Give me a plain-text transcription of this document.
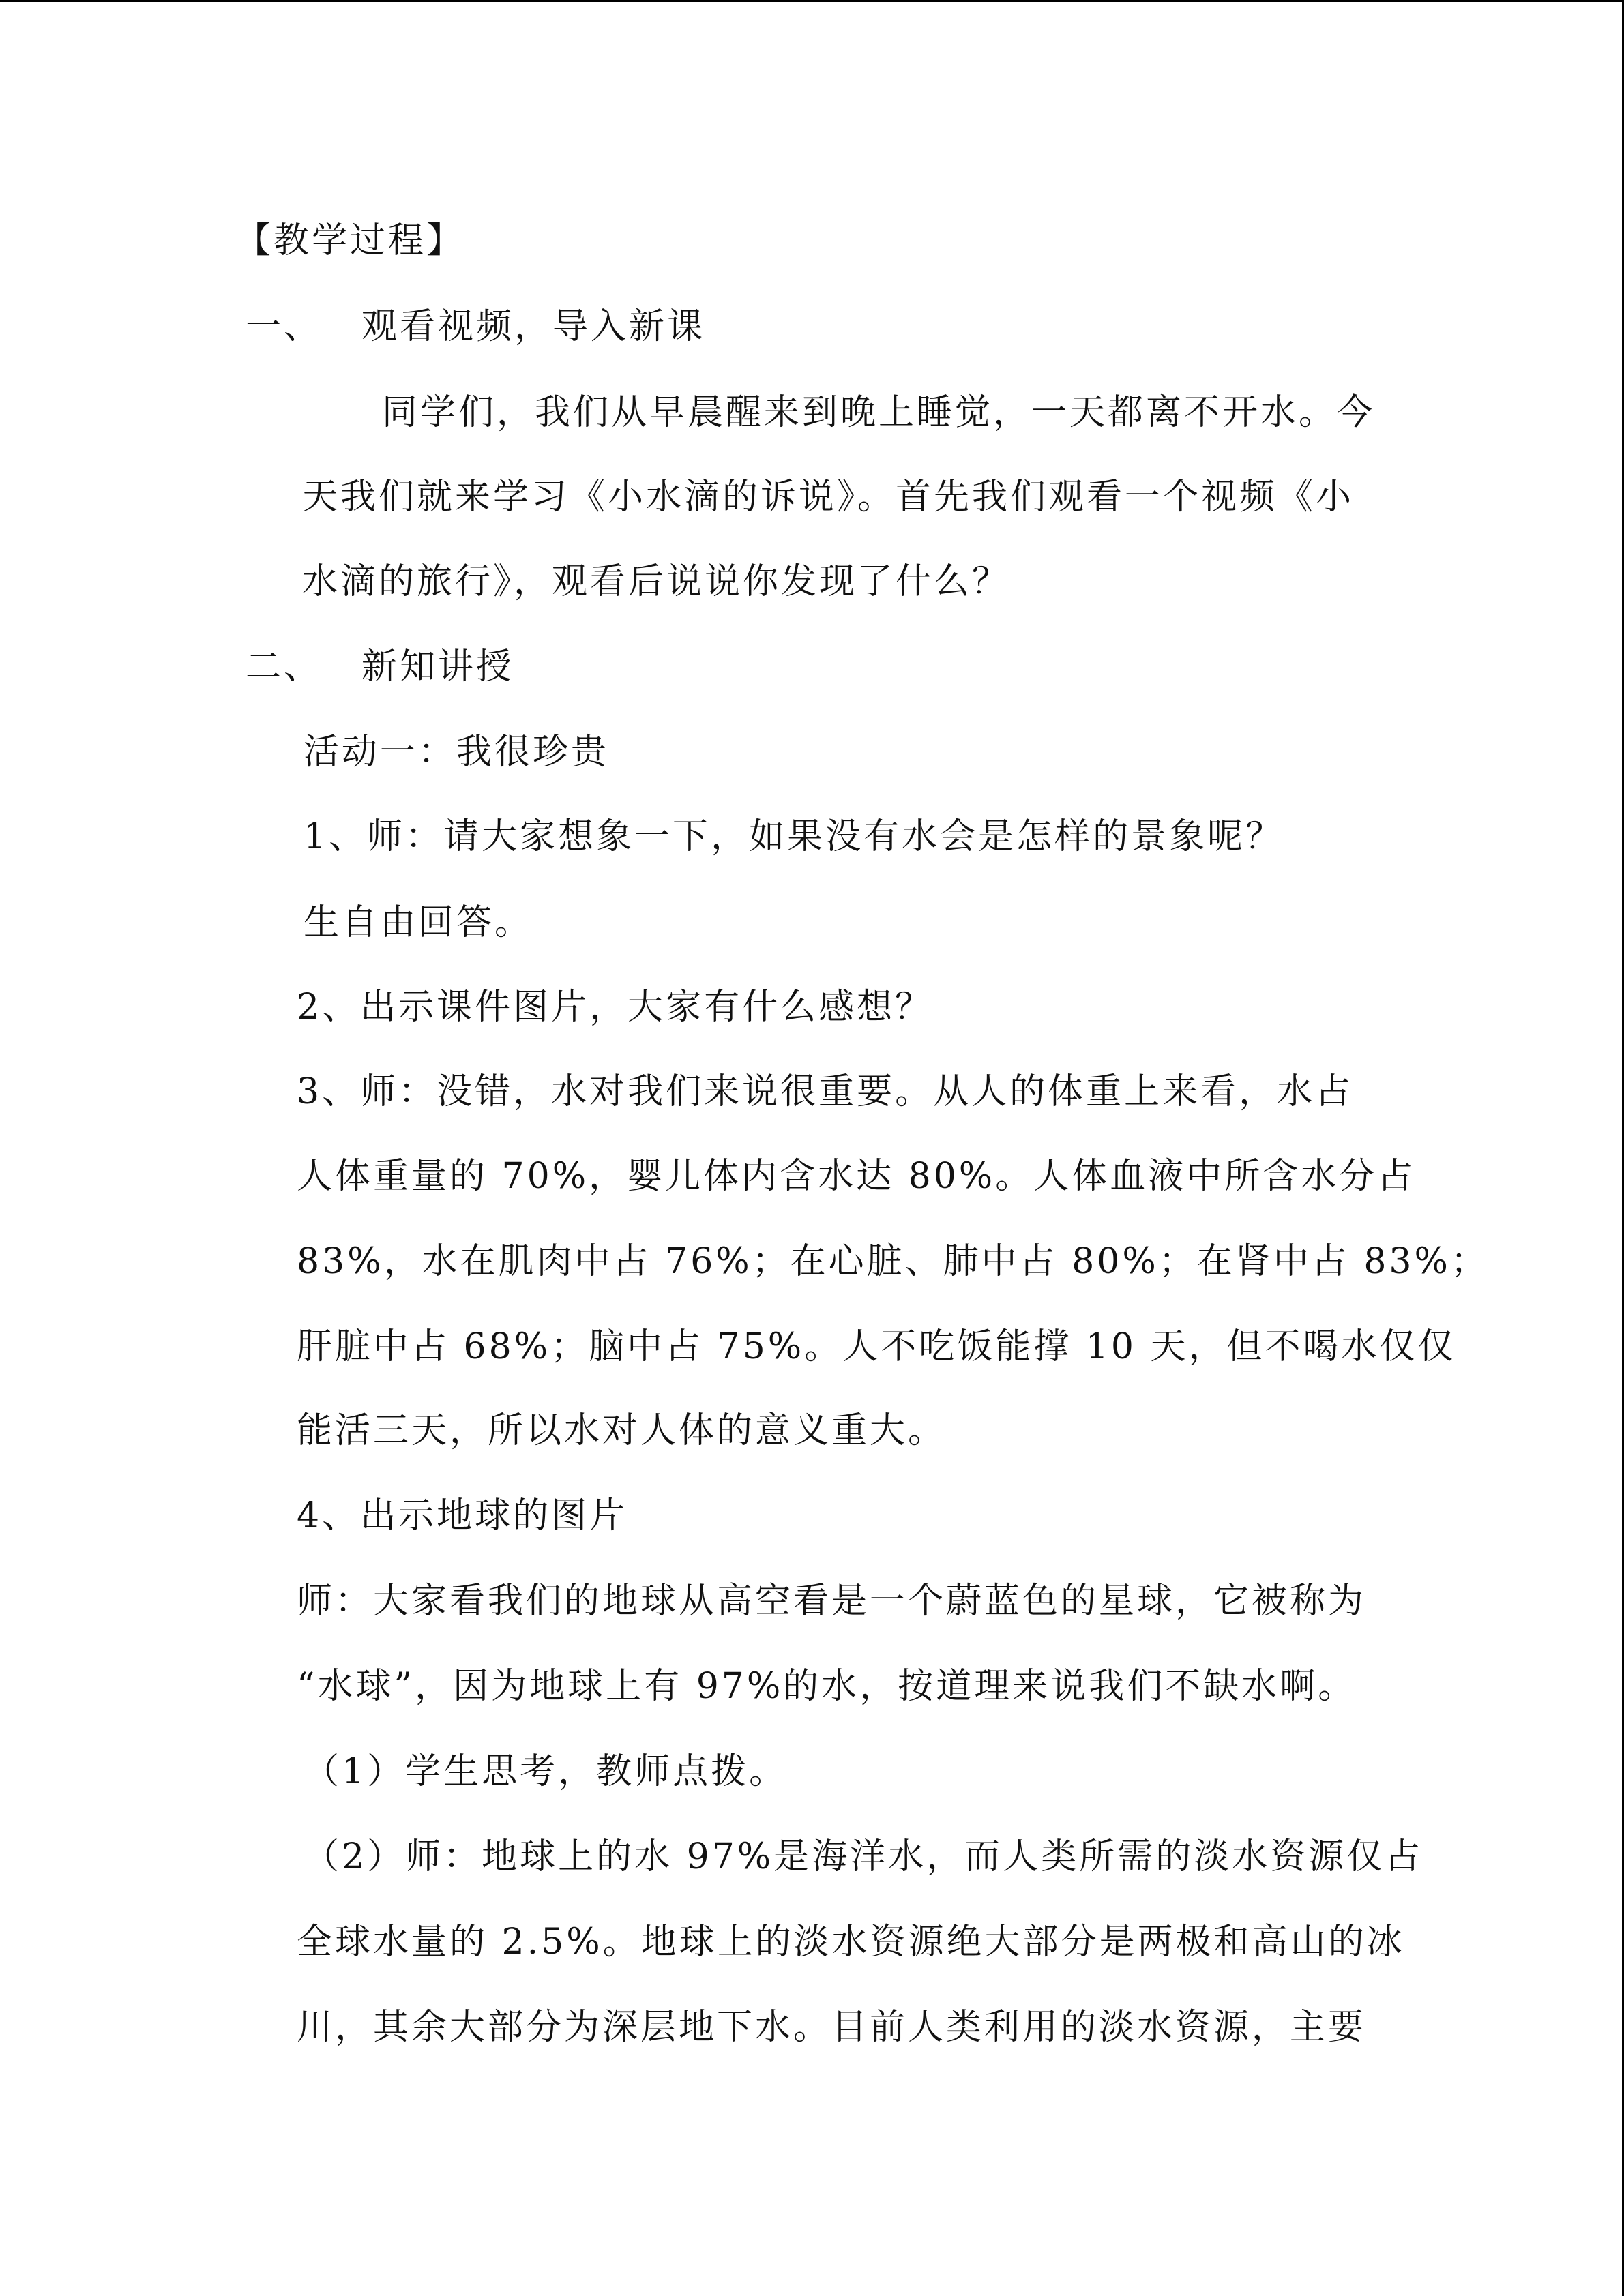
【教学过程】
一、 观看视频，导入新课
同学们，我们从早晨醒来到晚上睡觉，一天都离不开水。今
天我们就来学习《小水滴的诉说》。首先我们观看一个视频《小
水滴的旅行》，观看后说说你发现了什么？
二、 新知讲授
活动一：我很珍贵
1、师：请大家想象一下，如果没有水会是怎样的景象呢？
生自由回答。
2、出示课件图片，大家有什么感想？
3、师：没错，水对我们来说很重要。从人的体重上来看，水占
人体重量的 70%，婴儿体内含水达 80%。人体血液中所含水分占
83%，水在肌肉中占 76%；在心脏、肺中占 80%；在肾中占 83%；
肝脏中占 68%；脑中占 75%。人不吃饭能撑 10 天，但不喝水仅仅
能活三天，所以水对人体的意义重大。
4、出示地球的图片
师：大家看我们的地球从高空看是一个蔚蓝色的星球，它被称为
“水球”，因为地球上有 97%的水，按道理来说我们不缺水啊。
（1）学生思考，教师点拨。
（2）师：地球上的水 97%是海洋水，而人类所需的淡水资源仅占
全球水量的 2.5%。地球上的淡水资源绝大部分是两极和高山的冰
川，其余大部分为深层地下水。目前人类利用的淡水资源，主要
